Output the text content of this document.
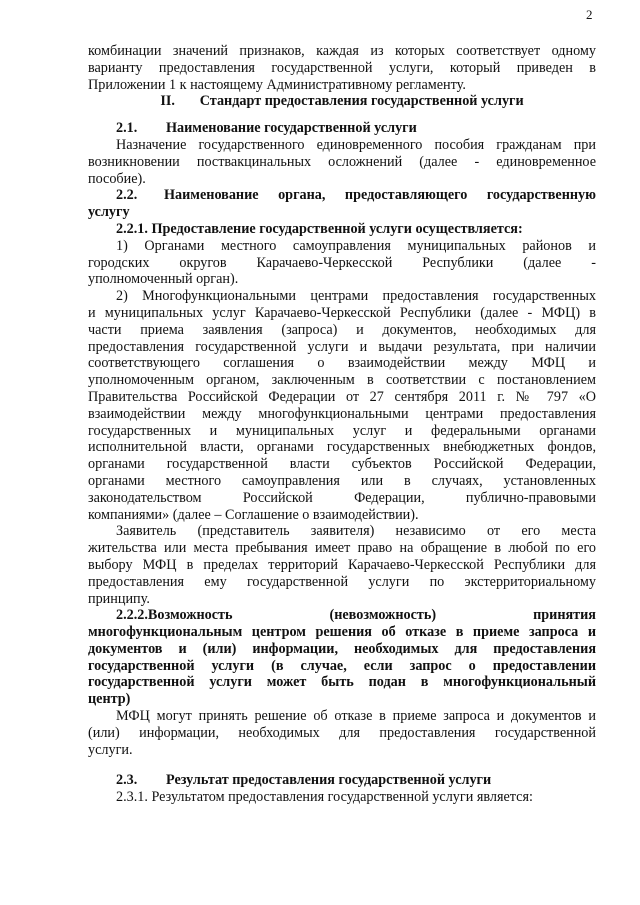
2

комбинации значений признаков, каждая из которых соответствует одному

варианту предоставления государственной услуги, который приведен в

Приложении 1 к настоящему Административному регламенту.

II.       Стандарт предоставления государственной услуги

2.1. Наименование государственной услуги

Назначение государственного единовременного пособия гражданам при

возникновении поствакцинальных осложнений (далее - единовременное

пособие).

2.2. Наименование органа, предоставляющего государственную

услугу

2.2.1. Предоставление государственной услуги осуществляется:

1) Органами местного самоуправления муниципальных районов и

городских округов Карачаево-Черкесской Республики (далее -

уполномоченный орган).

2) Многофункциональными центрами предоставления государственных

и муниципальных услуг Карачаево-Черкесской Республики (далее - МФЦ) в

части приема заявления (запроса) и документов, необходимых для

предоставления государственной услуги и выдачи результата, при наличии

соответствующего соглашения о взаимодействии между МФЦ и

уполномоченным органом, заключенным в соответствии с постановлением

Правительства Российской Федерации от 27 сентября 2011 г. № 797 «О

взаимодействии между многофункциональными центрами предоставления

государственных и муниципальных услуг и федеральными органами

исполнительной власти, органами государственных внебюджетных фондов,

органами государственной власти субъектов Российской Федерации,

органами местного самоуправления или в случаях, установленных

законодательством Российской Федерации, публично-правовыми

компаниями» (далее – Соглашение о взаимодействии).

Заявитель (представитель заявителя) независимо от его места

жительства или места пребывания имеет право на обращение в любой по его

выбору МФЦ в пределах территорий Карачаево-Черкесской Республики для

предоставления ему государственной услуги по экстерриториальному

принципу.

2.2.2.Возможность (невозможность) принятия

многофункциональным центром решения об отказе в приеме запроса и

документов и (или) информации, необходимых для предоставления

государственной услуги (в случае, если запрос о предоставлении

государственной услуги может быть подан в многофункциональный

центр)

МФЦ могут принять решение об отказе в приеме запроса и документов и

(или) информации, необходимых для предоставления государственной

услуги.

2.3. Результат предоставления государственной услуги

2.3.1. Результатом предоставления государственной услуги является:
